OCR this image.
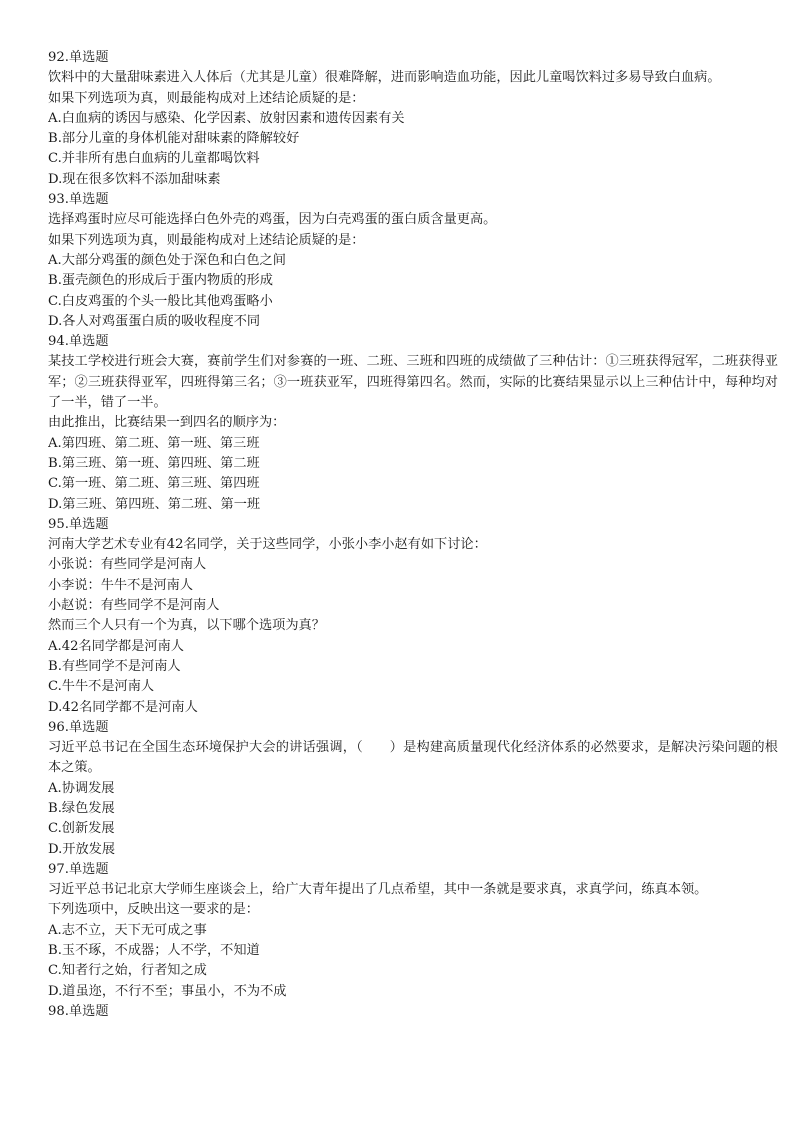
92.单选题
饮料中的大量甜味素进入人体后（尤其是儿童）很难降解，进而影响造血功能，因此儿童喝饮料过多易导致白血病。
如果下列选项为真，则最能构成对上述结论质疑的是：
A.白血病的诱因与感染、化学因素、放射因素和遗传因素有关
B.部分儿童的身体机能对甜味素的降解较好
C.并非所有患白血病的儿童都喝饮料
D.现在很多饮料不添加甜味素
93.单选题
选择鸡蛋时应尽可能选择白色外壳的鸡蛋，因为白壳鸡蛋的蛋白质含量更高。
如果下列选项为真，则最能构成对上述结论质疑的是：
A.大部分鸡蛋的颜色处于深色和白色之间
B.蛋壳颜色的形成后于蛋内物质的形成
C.白皮鸡蛋的个头一般比其他鸡蛋略小
D.各人对鸡蛋蛋白质的吸收程度不同
94.单选题
某技工学校进行班会大赛，赛前学生们对参赛的一班、二班、三班和四班的成绩做了三种估计：①三班获得冠军，二班获得亚军；②三班获得亚军，四班得第三名；③一班获亚军，四班得第四名。然而，实际的比赛结果显示以上三种估计中，每种均对了一半，错了一半。
由此推出，比赛结果一到四名的顺序为：
A.第四班、第二班、第一班、第三班
B.第三班、第一班、第四班、第二班
C.第一班、第二班、第三班、第四班
D.第三班、第四班、第二班、第一班
95.单选题
河南大学艺术专业有42名同学，关于这些同学，小张小李小赵有如下讨论：
小张说：有些同学是河南人
小李说：牛牛不是河南人
小赵说：有些同学不是河南人
然而三个人只有一个为真，以下哪个选项为真？
A.42名同学都是河南人
B.有些同学不是河南人
C.牛牛不是河南人
D.42名同学都不是河南人
96.单选题
习近平总书记在全国生态环境保护大会的讲话强调，（　　）是构建高质量现代化经济体系的必然要求，是解决污染问题的根本之策。
A.协调发展
B.绿色发展
C.创新发展
D.开放发展
97.单选题
习近平总书记北京大学师生座谈会上，给广大青年提出了几点希望，其中一条就是要求真，求真学问，练真本领。
下列选项中，反映出这一要求的是：
A.志不立，天下无可成之事
B.玉不琢，不成器；人不学，不知道
C.知者行之始，行者知之成
D.道虽迩，不行不至；事虽小，不为不成
98.单选题
